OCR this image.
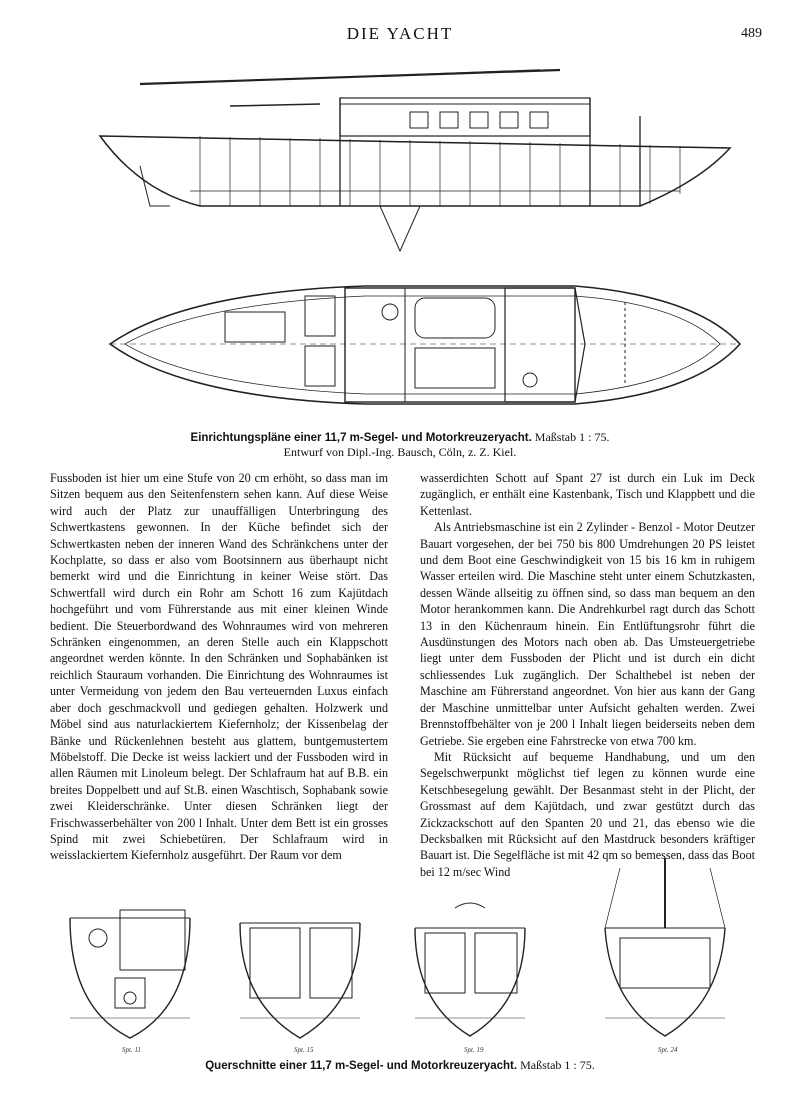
DIE YACHT	489
Einrichtungspläne einer 11,7 m-Segel- und Motorkreuzeryacht. Maßstab 1 : 75.
Entwurf von Dipl.-Ing. Bausch, Cöln, z. Z. Kiel.

Fussboden ist hier um eine Stufe von 20 cm erhöht, so dass man im Sitzen bequem aus den Seitenfenstern sehen kann. Auf diese Weise wird auch der Platz zur unauffälligen Unterbringung des Schwertkastens gewonnen. In der Küche befindet sich der Schwertkasten neben der inneren Wand des Schränkchens unter der Kochplatte, so dass er also vom Bootsinnern aus überhaupt nicht bemerkt wird und die Einrichtung in keiner Weise stört. Das Schwertfall wird durch ein Rohr am Schott 16 zum Kajütdach hochgeführt und vom Führerstande aus mit einer kleinen Winde bedient. Die Steuerbordwand des Wohnraumes wird von mehreren Schränken eingenommen, an deren Stelle auch ein Klappschott angeordnet werden könnte. In den Schränken und Sophabänken ist reichlich Stauraum vorhanden. Die Einrichtung des Wohnraumes ist unter Vermeidung von jedem den Bau verteuernden Luxus einfach aber doch geschmackvoll und gediegen gehalten. Holzwerk und Möbel sind aus naturlackiertem Kiefernholz; der Kissenbelag der Bänke und Rückenlehnen besteht aus glattem, buntgemustertem Möbelstoff. Die Decke ist weiss lackiert und der Fussboden wird in allen Räumen mit Linoleum belegt. Der Schlafraum hat auf B.B. ein breites Doppelbett und auf St.B. einen Waschtisch, Sophabank sowie zwei Kleiderschränke. Unter diesen Schränken liegt der Frischwasserbehälter von 200 l Inhalt. Unter dem Bett ist ein grosses Spind mit zwei Schiebetüren. Der Schlafraum wird in weisslackiertem Kiefernholz ausgeführt. Der Raum vor dem

wasserdichten Schott auf Spant 27 ist durch ein Luk im Deck zugänglich, er enthält eine Kastenbank, Tisch und Klappbett und die Kettenlast.

Als Antriebsmaschine ist ein 2 Zylinder - Benzol - Motor Deutzer Bauart vorgesehen, der bei 750 bis 800 Umdrehungen 20 PS leistet und dem Boot eine Geschwindigkeit von 15 bis 16 km in ruhigem Wasser erteilen wird. Die Maschine steht unter einem Schutzkasten, dessen Wände allseitig zu öffnen sind, so dass man bequem an den Motor herankommen kann. Die Andrehkurbel ragt durch das Schott 13 in den Küchenraum hinein. Ein Entlüftungsrohr führt die Ausdünstungen des Motors nach oben ab. Das Umsteuergetriebe liegt unter dem Fussboden der Plicht und ist durch ein dicht schliessendes Luk zugänglich. Der Schalthebel ist neben der Maschine am Führerstand angeordnet. Von hier aus kann der Gang der Maschine unmittelbar unter Aufsicht gehalten werden. Zwei Brennstoffbehälter von je 200 l Inhalt liegen beiderseits neben dem Getriebe. Sie ergeben eine Fahrstrecke von etwa 700 km.

Mit Rücksicht auf bequeme Handhabung, und um den Segelschwerpunkt möglichst tief legen zu können wurde eine Ketschbesegelung gewählt. Der Besanmast steht in der Plicht, der Grossmast auf dem Kajütdach, und zwar gestützt durch das Zickzackschott auf den Spanten 20 und 21, das ebenso wie die Decksbalken mit Rücksicht auf den Mastdruck besonders kräftiger Bauart ist. Die Segelfläche ist mit 42 qm so bemessen, dass das Boot bei 12 m/sec Wind

Spt. 11	Spt. 15	Spt. 19	Spt. 24
Querschnitte einer 11,7 m-Segel- und Motorkreuzeryacht. Maßstab 1 : 75.
